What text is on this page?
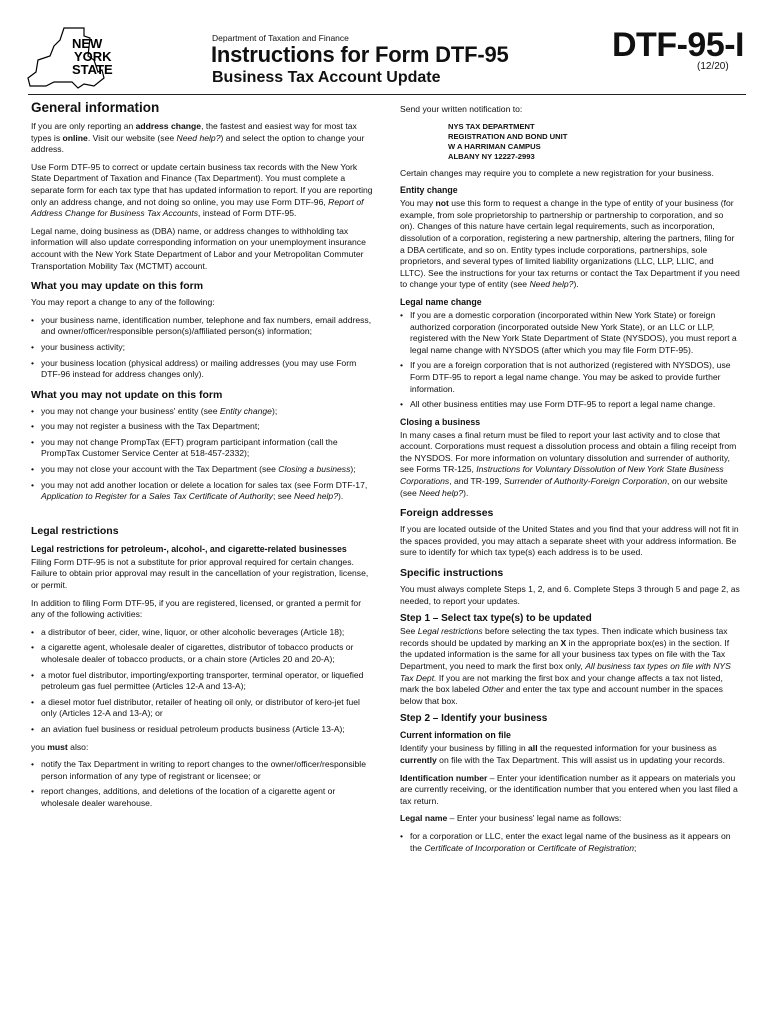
NEW
YORK
STATE
Department of Taxation and Finance
Instructions for Form DTF-95
Business Tax Account Update
DTF-95-I
(12/20)
General information

If you are only reporting an address change, the fastest and easiest way for most tax types is online. Visit our website (see Need help?) and select the option to change your address.

Use Form DTF-95 to correct or update certain business tax records with the New York State Department of Taxation and Finance (Tax Department). You must complete a separate form for each tax type that has updated information to report. If you are reporting only an address change, and not doing so online, you may use Form DTF-96, Report of Address Change for Business Tax Accounts, instead of Form DTF-95.

Legal name, doing business as (DBA) name, or address changes to withholding tax information will also update corresponding information on your unemployment insurance account with the New York State Department of Labor and your Metropolitan Commuter Transportation Mobility Tax (MCTMT) account.

What you may update on this form

You may report a change to any of the following:

• your business name, identification number, telephone and fax numbers, email address, and owner/officer/responsible person(s)/affiliated person(s) information;
• your business activity;
• your business location (physical address) or mailing addresses (you may use Form DTF-96 instead for address changes only).
What you may not update on this form
• you may not change your business' entity (see Entity change);
• you may not register a business with the Tax Department;
• you may not change PrompTax (EFT) program participant information (call the PrompTax Customer Service Center at 518-457-2332);
• you may not close your account with the Tax Department (see Closing a business);
• you may not add another location or delete a location for sales tax (see Form DTF-17, Application to Register for a Sales Tax Certificate of Authority; see Need help?).
Legal restrictions
Legal restrictions for petroleum-, alcohol-, and cigarette-related businesses

Filing Form DTF-95 is not a substitute for prior approval required for certain changes. Failure to obtain prior approval may result in the cancellation of your registration, license, or permit.

In addition to filing Form DTF-95, if you are registered, licensed, or granted a permit for any of the following activities:

• a distributor of beer, cider, wine, liquor, or other alcoholic beverages (Article 18);
• a cigarette agent, wholesale dealer of cigarettes, distributor of tobacco products or wholesale dealer of tobacco products, or a chain store (Articles 20 and 20-A);
• a motor fuel distributor, importing/exporting transporter, terminal operator, or liquefied petroleum gas fuel permittee (Articles 12-A and 13-A);
• a diesel motor fuel distributor, retailer of heating oil only, or distributor of kero-jet fuel only (Articles 12-A and 13-A); or
• an aviation fuel business or residual petroleum products business (Article 13-A);

you must also:

• notify the Tax Department in writing to report changes to the owner/officer/responsible person information of any type of registrant or licensee; or
• report changes, additions, and deletions of the location of a cigarette agent or wholesale dealer warehouse.

Send your written notification to:

NYS TAX DEPARTMENT
REGISTRATION AND BOND UNIT
W A HARRIMAN CAMPUS
ALBANY NY 12227-2993

Certain changes may require you to complete a new registration for your business.

Entity change

You may not use this form to request a change in the type of entity of your business (for example, from sole proprietorship to partnership or partnership to corporation, and so on). Changes of this nature have certain legal requirements, such as incorporation, dissolution of a corporation, registering a new partnership, altering the partners, filing for a DBA certificate, and so on. Entity types include corporations, partnerships, sole proprietors, and several types of limited liability organizations (LLC, LLP, LLIC, and LLTC). See the instructions for your tax returns or contact the Tax Department if you need to change your type of entity (see Need help?).

Legal name change
• If you are a domestic corporation (incorporated within New York State) or foreign authorized corporation (incorporated outside New York State), or an LLC or LLP, registered with the New York State Department of State (NYSDOS), you must report a legal name change with NYSDOS (after which you may file Form DTF-95).
• If you are a foreign corporation that is not authorized (registered with NYSDOS), use Form DTF-95 to report a legal name change. You may be asked to provide further information.
• All other business entities may use Form DTF-95 to report a legal name change.
Closing a business

In many cases a final return must be filed to report your last activity and to close that account. Corporations must request a dissolution process and obtain a filing receipt from the NYSDOS. For more information on voluntary dissolution and surrender of authority, see Forms TR-125, Instructions for Voluntary Dissolution of New York State Business Corporations, and TR-199, Surrender of Authority-Foreign Corporation, on our website (see Need help?).

Foreign addresses

If you are located outside of the United States and you find that your address will not fit in the spaces provided, you may attach a separate sheet with your address information. Be sure to identify for which tax type(s) each address is to be used.

Specific instructions

You must always complete Steps 1, 2, and 6. Complete Steps 3 through 5 and page 2, as needed, to report your updates.

Step 1 – Select tax type(s) to be updated

See Legal restrictions before selecting the tax types. Then indicate which business tax records should be updated by marking an X in the appropriate box(es) in the section. If the updated information is the same for all your business tax types on file with the Tax Department, you need to mark the first box only, All business tax types on file with NYS Tax Dept. If you are not marking the first box and your change affects a tax not listed, mark the box labeled Other and enter the tax type and account number in the spaces below that box.

Step 2 – Identify your business
Current information on file

Identify your business by filling in all the requested information for your business as currently on file with the Tax Department. This will assist us in updating your records.

Identification number – Enter your identification number as it appears on materials you are currently receiving, or the identification number that you entered when you last filed a tax return.

Legal name – Enter your business' legal name as follows:

• for a corporation or LLC, enter the exact legal name of the business as it appears on the Certificate of Incorporation or Certificate of Registration;
